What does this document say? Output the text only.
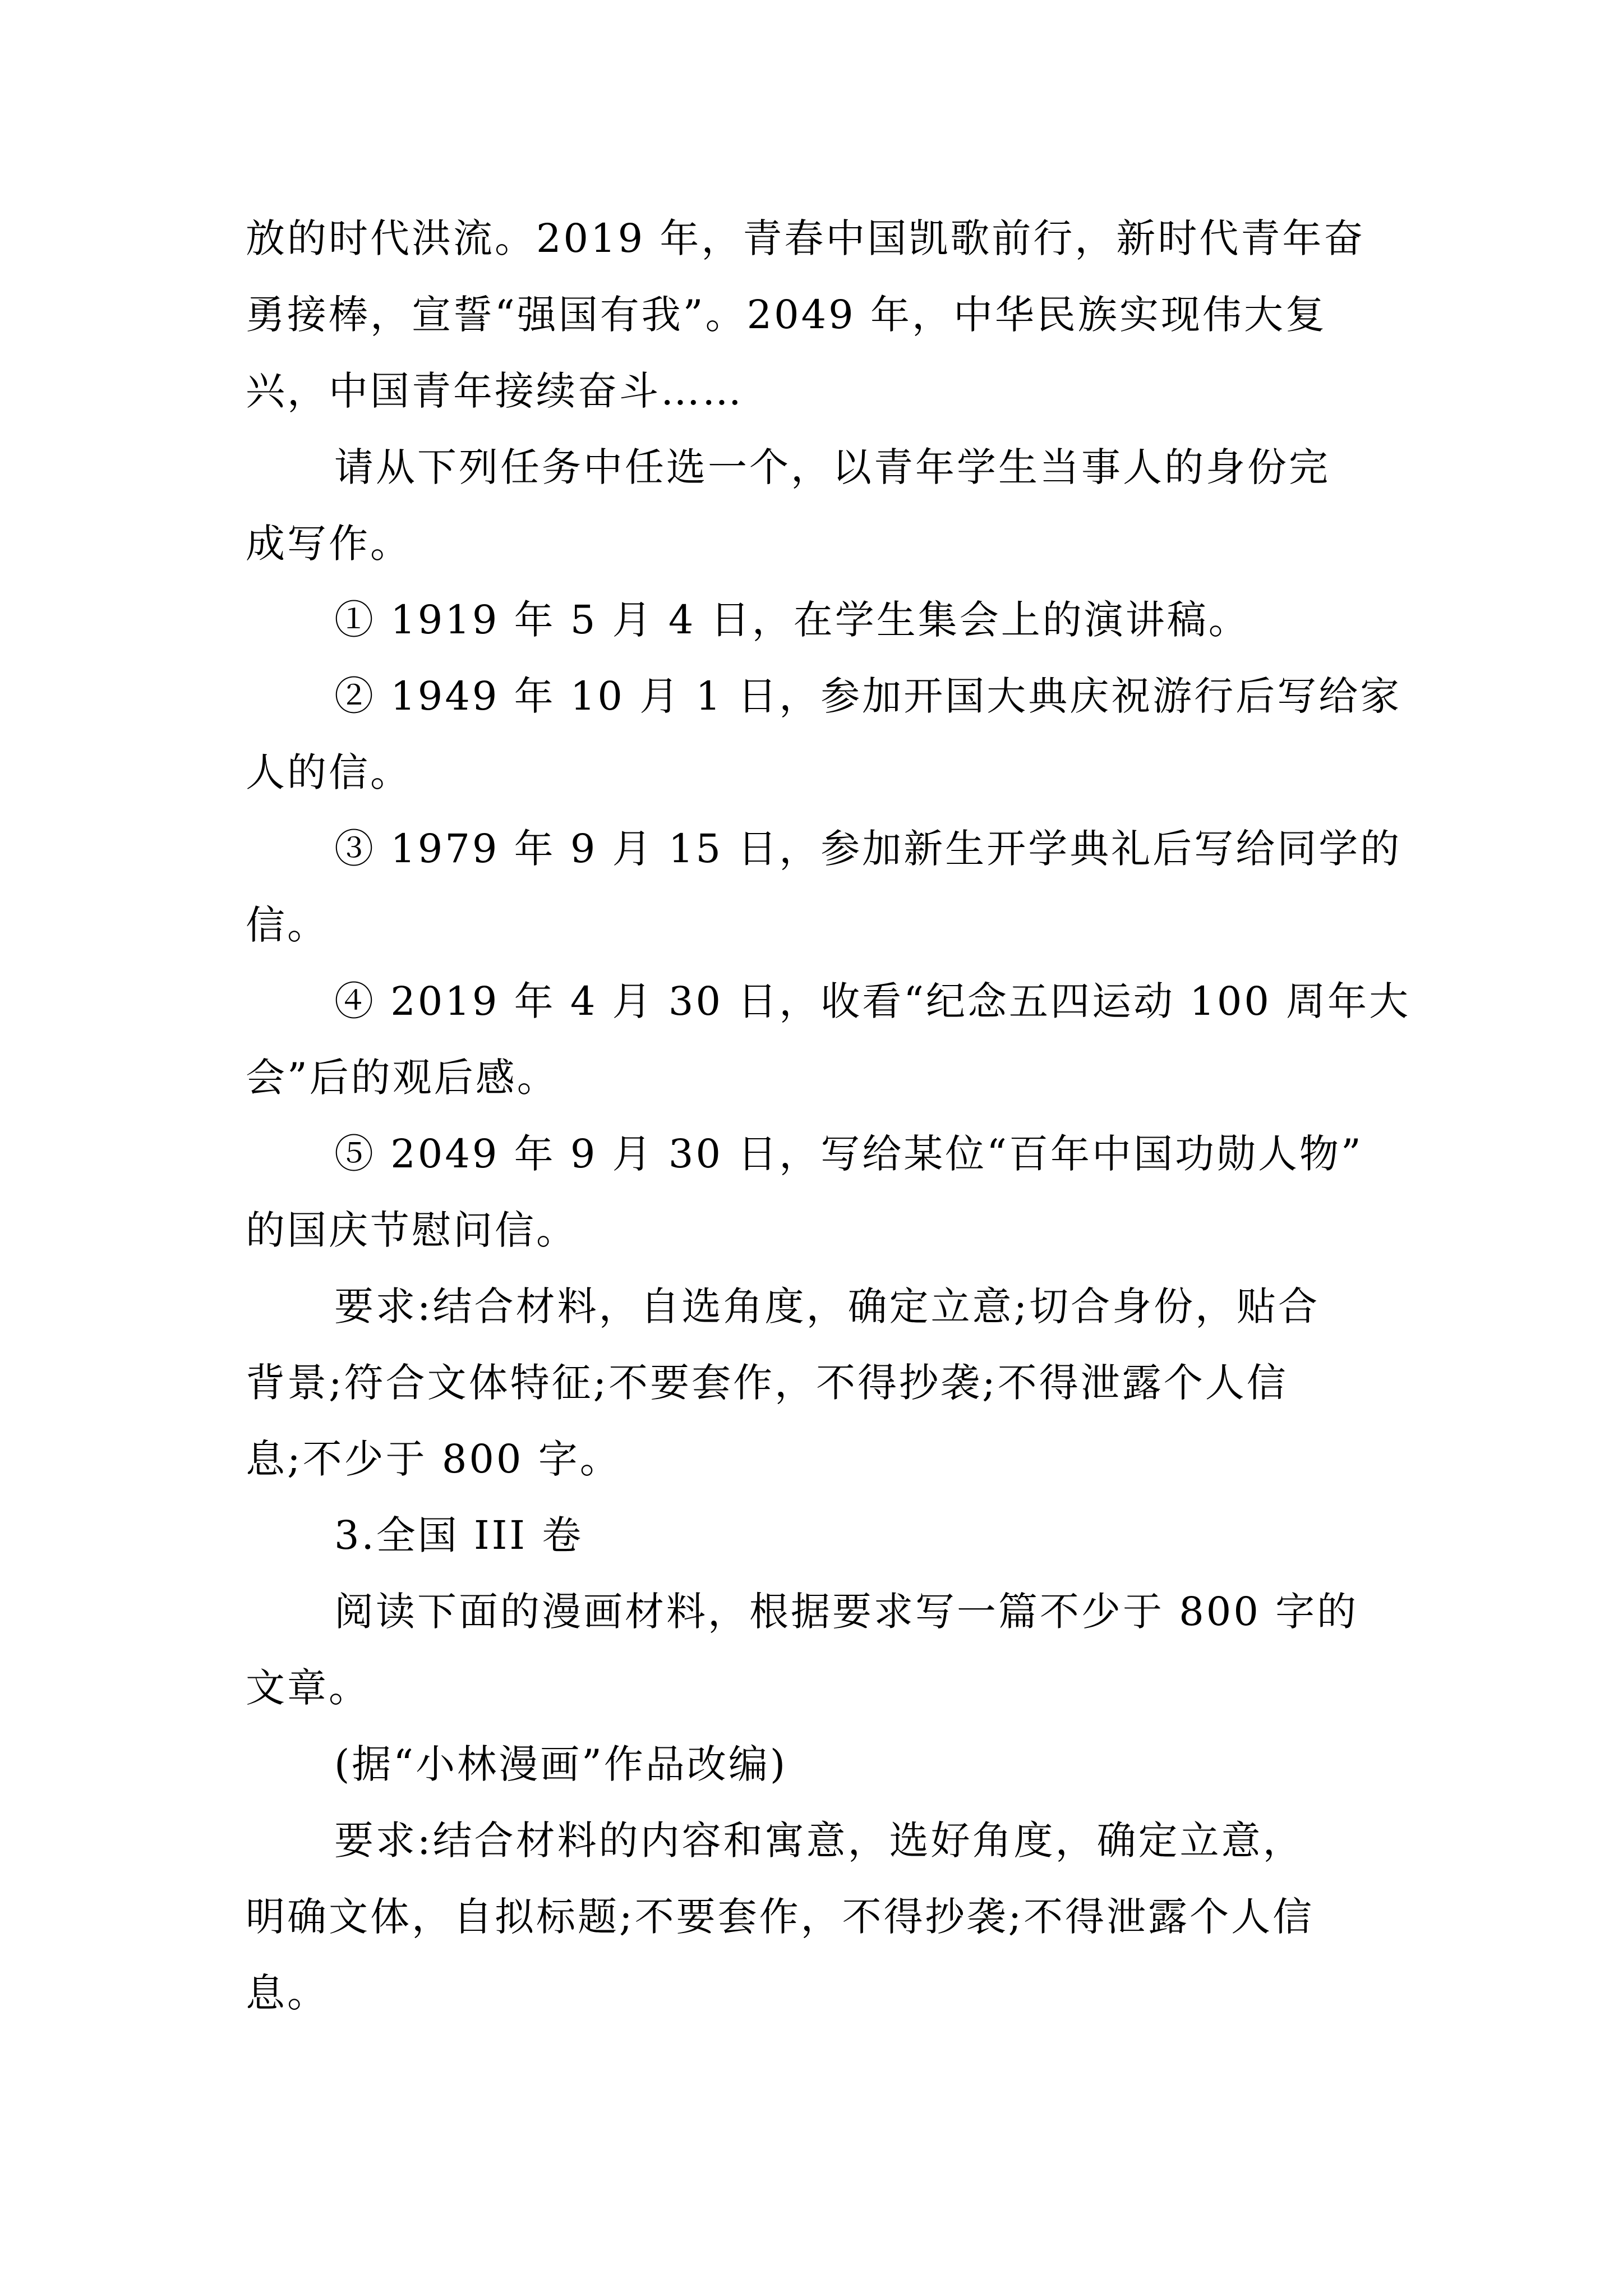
放的时代洪流。2019 年，青春中国凯歌前行，新时代青年奋
勇接棒，宣誓“强国有我”。2049 年，中华民族实现伟大复
兴，中国青年接续奋斗……
请从下列任务中任选一个，以青年学生当事人的身份完
成写作。
① 1919 年 5 月 4 日，在学生集会上的演讲稿。
② 1949 年 10 月 1 日，参加开国大典庆祝游行后写给家
人的信。
③ 1979 年 9 月 15 日，参加新生开学典礼后写给同学的
信。
④ 2019 年 4 月 30 日，收看“纪念五四运动 100 周年大
会”后的观后感。
⑤ 2049 年 9 月 30 日，写给某位“百年中国功勋人物”
的国庆节慰问信。
要求:结合材料，自选角度，确定立意;切合身份，贴合
背景;符合文体特征;不要套作，不得抄袭;不得泄露个人信
息;不少于 800 字。
3.全国 III 卷
阅读下面的漫画材料，根据要求写一篇不少于 800 字的
文章。
(据“小林漫画”作品改编)
要求:结合材料的内容和寓意，选好角度，确定立意，
明确文体，自拟标题;不要套作，不得抄袭;不得泄露个人信
息。
